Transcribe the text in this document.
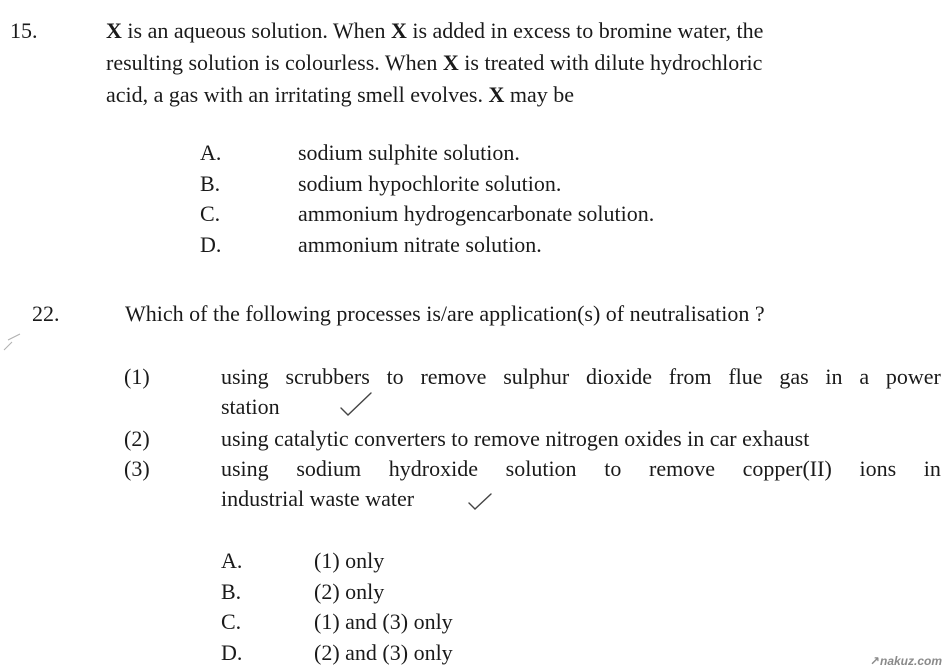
15.	X is an aqueous solution. When X is added in excess to bromine water, the
resulting solution is colourless. When X is treated with dilute hydrochloric
acid, a gas with an irritating smell evolves. X may be
A.	sodium sulphite solution.
B.	sodium hypochlorite solution.
C.	ammonium hydrogencarbonate solution.
D.	ammonium nitrate solution.
22.	Which of the following processes is/are application(s) of neutralisation ?
(1)	using scrubbers to remove sulphur dioxide from flue gas in a power
station
(2)	using catalytic converters to remove nitrogen oxides in car exhaust
(3)	using sodium hydroxide solution to remove copper(II) ions in
industrial waste water
A.	(1) only
B.	(2) only
C.	(1) and (3) only
D.	(2) and (3) only	↗nakuz.com
